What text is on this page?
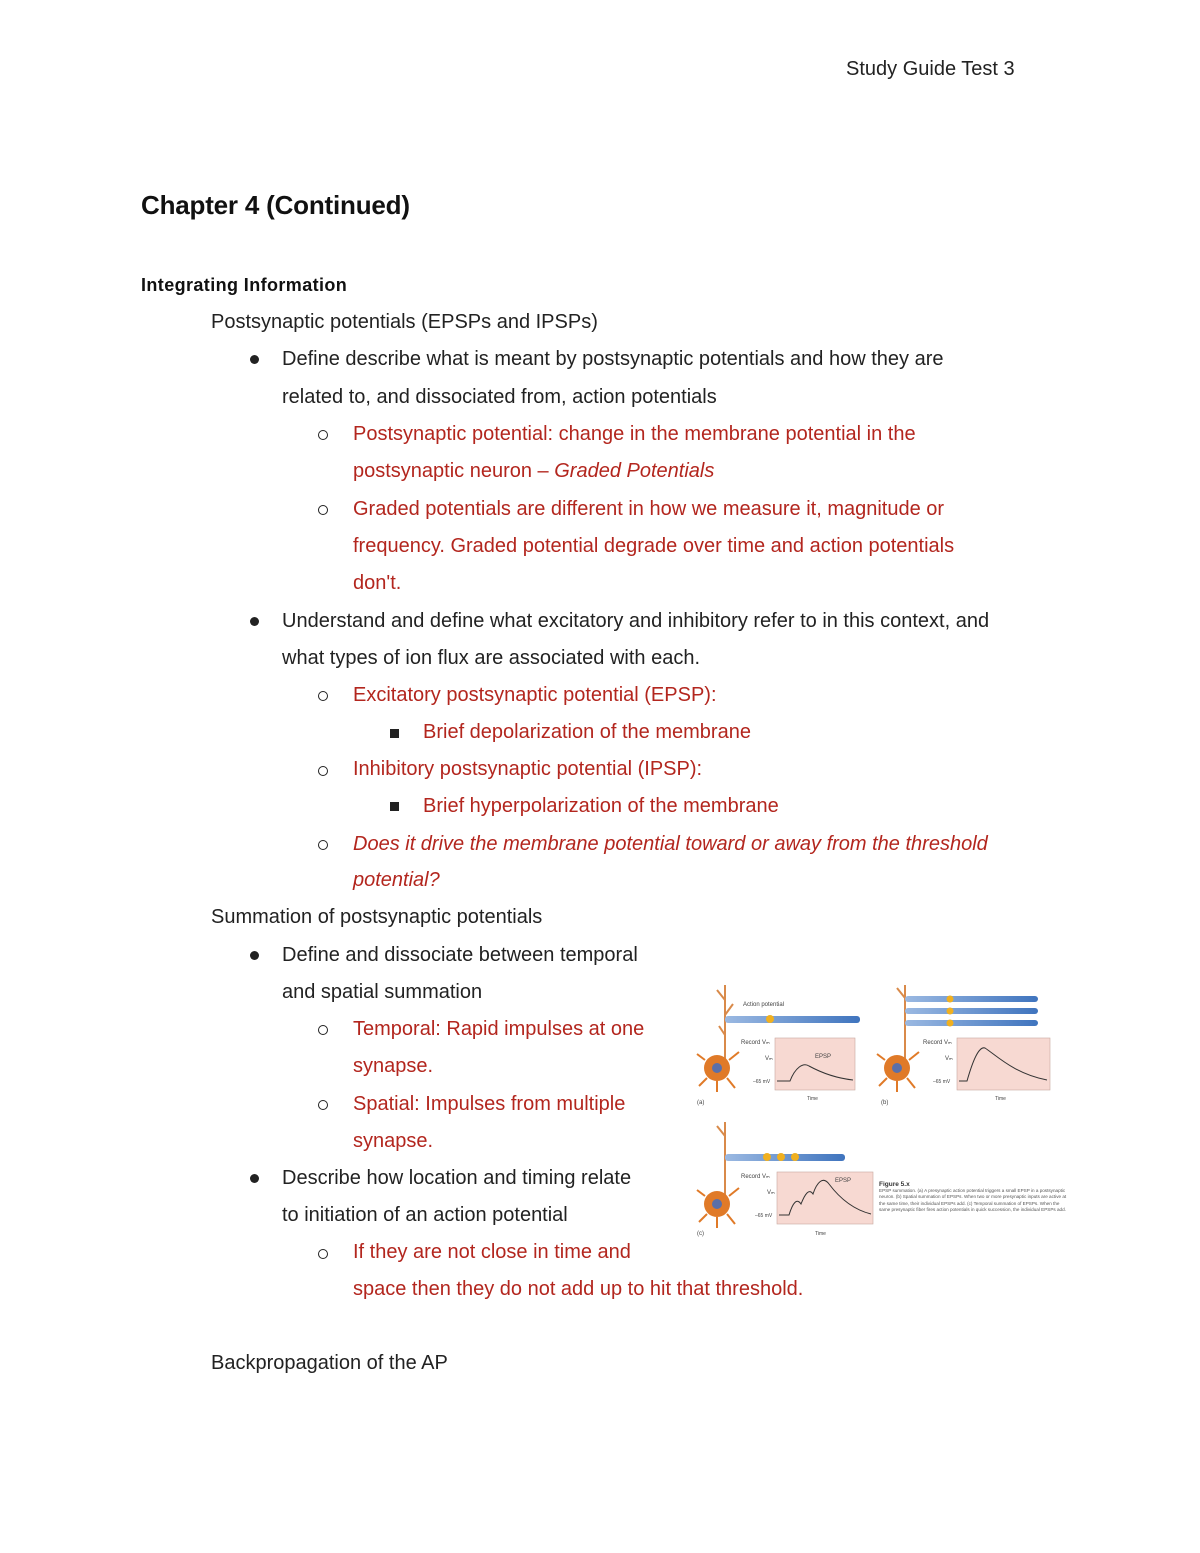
Study Guide Test 3
Chapter 4 (Continued)
Integrating Information
Postsynaptic potentials (EPSPs and IPSPs)
Define describe what is meant by postsynaptic potentials and how they are
related to, and dissociated from, action potentials
Postsynaptic potential: change in the membrane potential in the
postsynaptic neuron – Graded Potentials
Graded potentials are different in how we measure it, magnitude or
frequency. Graded potential degrade over time and action potentials
don't.
Understand and define what excitatory and inhibitory refer to in this context, and
what types of ion flux are associated with each.
Excitatory postsynaptic potential (EPSP):
Brief depolarization of the membrane
Inhibitory postsynaptic potential (IPSP):
Brief hyperpolarization of the membrane
Does it drive the membrane potential toward or away from the threshold
potential?
Summation of postsynaptic potentials
Define and dissociate between temporal
and spatial summation
Temporal: Rapid impulses at one
synapse.
Spatial: Impulses from multiple
synapse.
Describe how location and timing relate
to initiation of an action potential
If they are not close in time and
space then they do not add up to hit that threshold.
Backpropagation of the AP
Action potential
Record Vₘ
Vₘ
–65 mV
EPSP
Time
(a)
Record Vₘ
Vₘ
–65 mV
Time
(b)
Record Vₘ
Vₘ
–65 mV
EPSP
Time
(c)
Figure 5.x
EPSP summation. (a) A presynaptic action potential triggers a small EPSP in a postsynaptic neuron. (b) Spatial summation of EPSPs. When two or more presynaptic inputs are active at the same time, their individual EPSPs add. (c) Temporal summation of EPSPs. When the same presynaptic fiber fires action potentials in quick succession, the individual EPSPs add.
